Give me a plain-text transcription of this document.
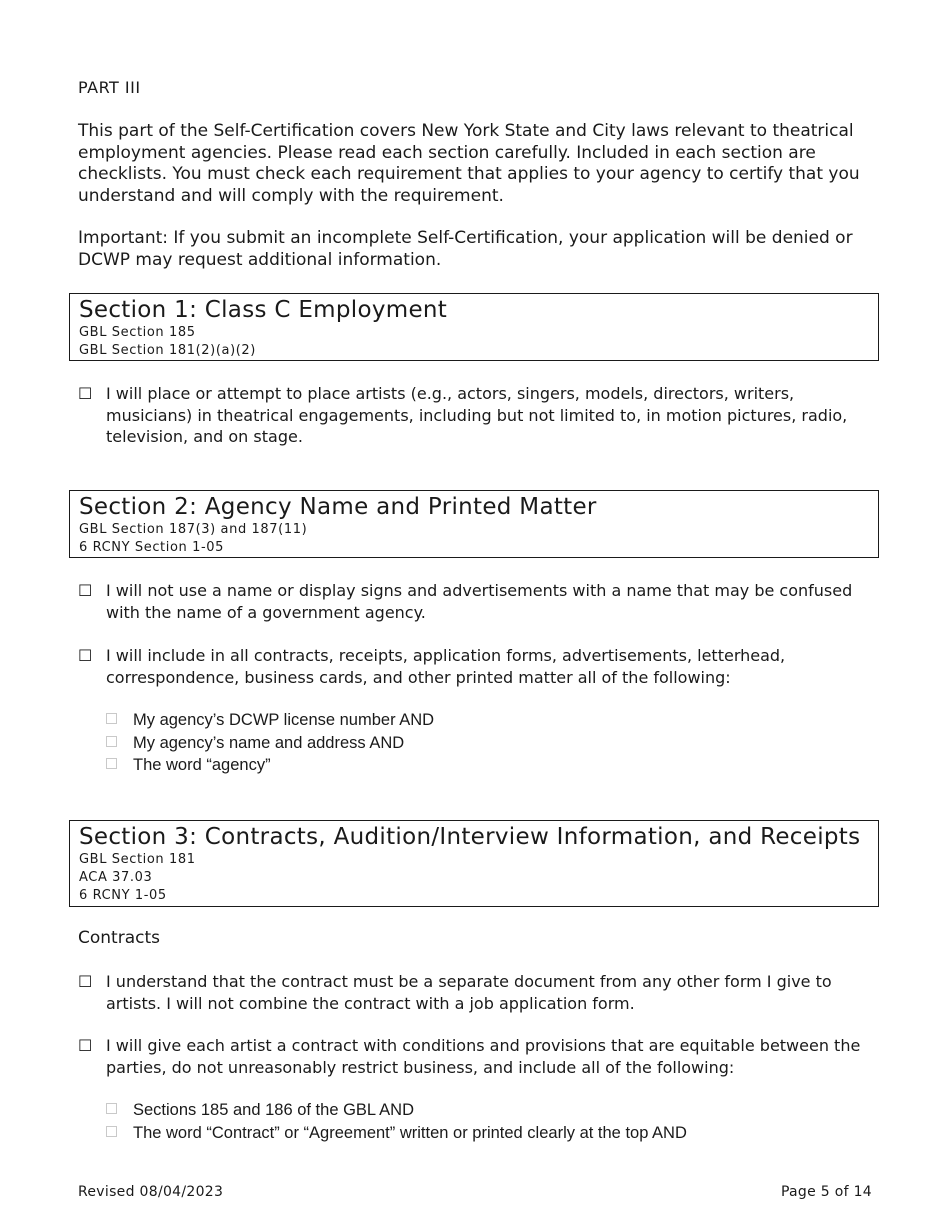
PART III
This part of the Self-Certification covers New York State and City laws relevant to theatrical employment agencies. Please read each section carefully. Included in each section are checklists. You must check each requirement that applies to your agency to certify that you understand and will comply with the requirement.
Important: If you submit an incomplete Self-Certification, your application will be denied or DCWP may request additional information.
Section 1: Class C Employment
GBL Section 185
GBL Section 181(2)(a)(2)
☐ I will place or attempt to place artists (e.g., actors, singers, models, directors, writers, musicians) in theatrical engagements, including but not limited to, in motion pictures, radio, television, and on stage.
Section 2: Agency Name and Printed Matter
GBL Section 187(3) and 187(11)
6 RCNY Section 1-05
☐ I will not use a name or display signs and advertisements with a name that may be confused with the name of a government agency.
☐ I will include in all contracts, receipts, application forms, advertisements, letterhead, correspondence, business cards, and other printed matter all of the following:
My agency’s DCWP license number AND
My agency’s name and address AND
The word “agency”
Section 3: Contracts, Audition/Interview Information, and Receipts
GBL Section 181
ACA 37.03
6 RCNY 1-05
Contracts
☐ I understand that the contract must be a separate document from any other form I give to artists. I will not combine the contract with a job application form.
☐ I will give each artist a contract with conditions and provisions that are equitable between the parties, do not unreasonably restrict business, and include all of the following:
Sections 185 and 186 of the GBL AND
The word “Contract” or “Agreement” written or printed clearly at the top AND
Revised 08/04/2023	Page 5 of 14
